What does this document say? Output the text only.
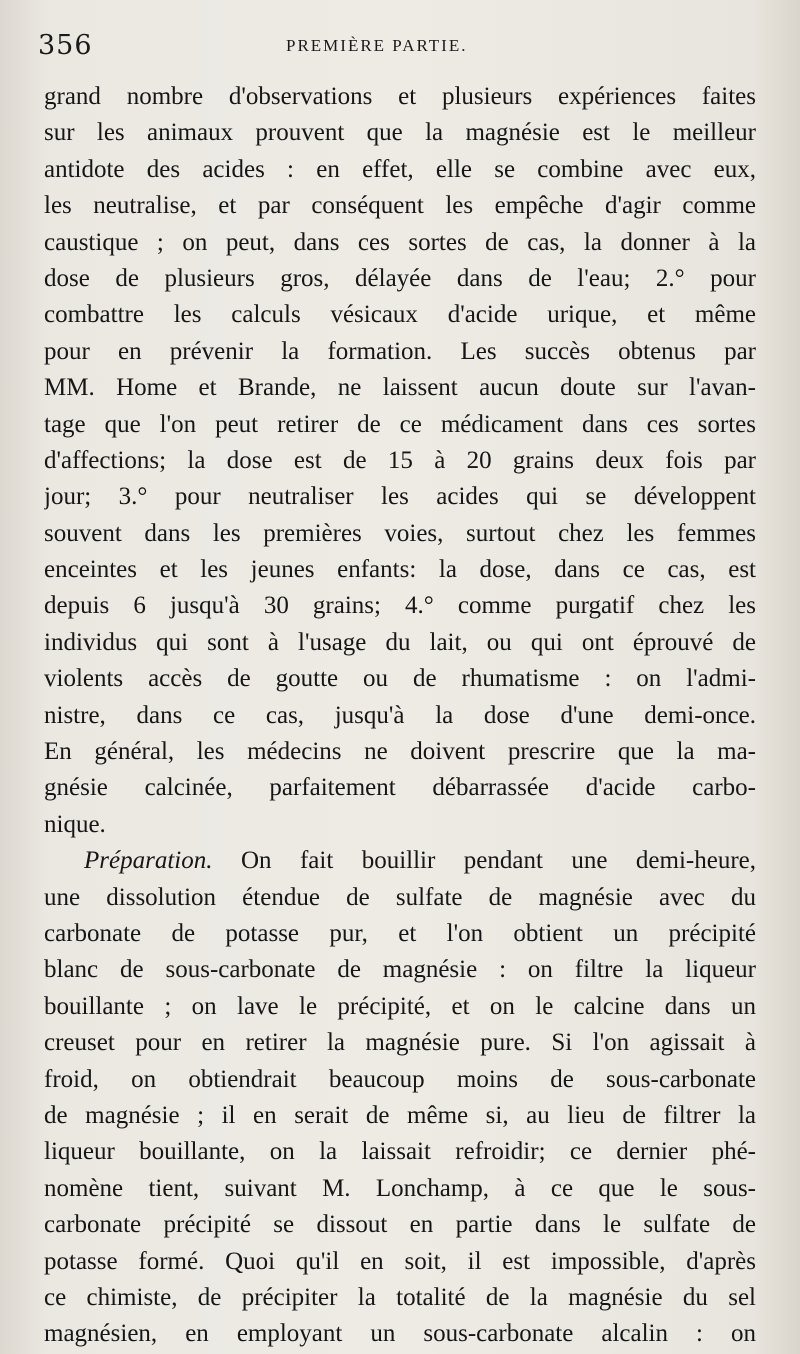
356	PREMIÈRE PARTIE.
grand nombre d'observations et plusieurs expériences faites
sur les animaux prouvent que la magnésie est le meilleur
antidote des acides : en effet, elle se combine avec eux,
les neutralise, et par conséquent les empêche d'agir comme
caustique ; on peut, dans ces sortes de cas, la donner à la
dose de plusieurs gros, délayée dans de l'eau; 2.° pour
combattre les calculs vésicaux d'acide urique, et même
pour en prévenir la formation. Les succès obtenus par
MM. Home et Brande, ne laissent aucun doute sur l'avan-
tage que l'on peut retirer de ce médicament dans ces sortes
d'affections; la dose est de 15 à 20 grains deux fois par
jour; 3.° pour neutraliser les acides qui se développent
souvent dans les premières voies, surtout chez les femmes
enceintes et les jeunes enfants: la dose, dans ce cas, est
depuis 6 jusqu'à 30 grains; 4.° comme purgatif chez les
individus qui sont à l'usage du lait, ou qui ont éprouvé de
violents accès de goutte ou de rhumatisme : on l'admi-
nistre, dans ce cas, jusqu'à la dose d'une demi-once.
En général, les médecins ne doivent prescrire que la ma-
gnésie calcinée, parfaitement débarrassée d'acide carbo-
nique.
Préparation. On fait bouillir pendant une demi-heure,
une dissolution étendue de sulfate de magnésie avec du
carbonate de potasse pur, et l'on obtient un précipité
blanc de sous-carbonate de magnésie : on filtre la liqueur
bouillante ; on lave le précipité, et on le calcine dans un
creuset pour en retirer la magnésie pure. Si l'on agissait à
froid, on obtiendrait beaucoup moins de sous-carbonate
de magnésie ; il en serait de même si, au lieu de filtrer la
liqueur bouillante, on la laissait refroidir; ce dernier phé-
nomène tient, suivant M. Lonchamp, à ce que le sous-
carbonate précipité se dissout en partie dans le sulfate de
potasse formé. Quoi qu'il en soit, il est impossible, d'après
ce chimiste, de précipiter la totalité de la magnésie du sel
magnésien, en employant un sous-carbonate alcalin : on
